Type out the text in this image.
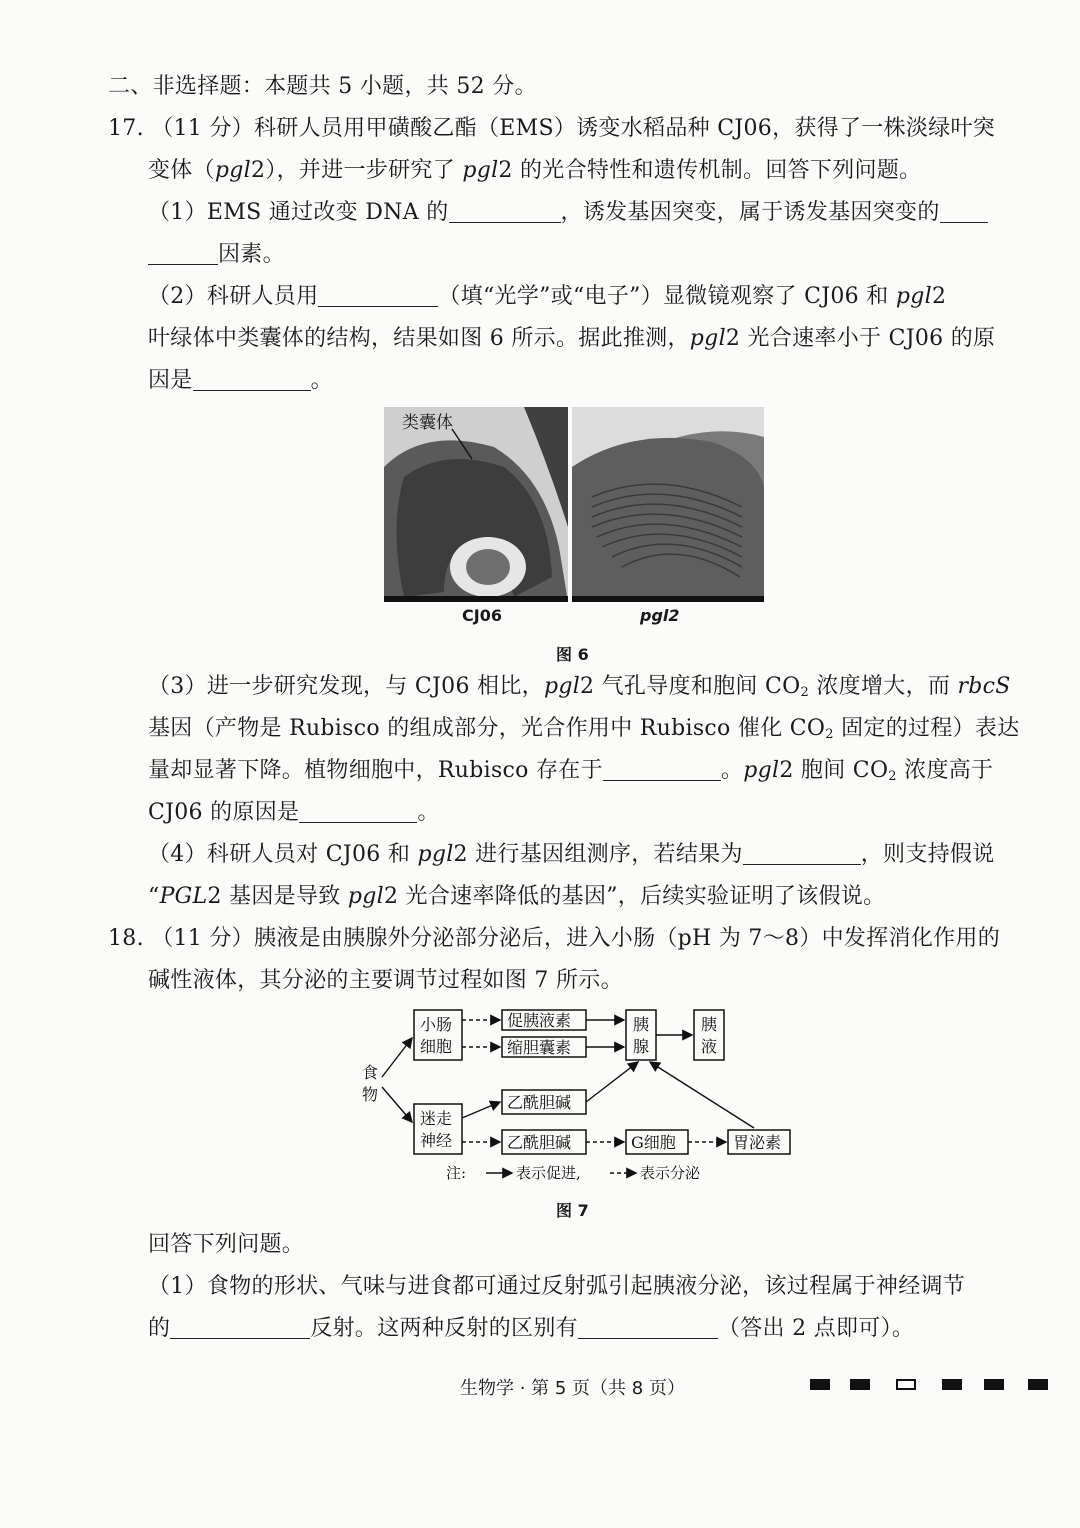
二、非选择题：本题共 5 小题，共 52 分。
17. （11 分）科研人员用甲磺酸乙酯（EMS）诱变水稻品种 CJ06，获得了一株淡绿叶突
变体（pgl2），并进一步研究了 pgl2 的光合特性和遗传机制。回答下列问题。
（1）EMS 通过改变 DNA 的	，诱发基因突变，属于诱发基因突变的
因素。
（2）科研人员用	（填“光学”或“电子”）显微镜观察了 CJ06 和 pgl2
叶绿体中类囊体的结构，结果如图 6 所示。据此推测，pgl2 光合速率小于 CJ06 的原
因是	。
类囊体
CJ06	pgl2
图 6
（3）进一步研究发现，与 CJ06 相比，pgl2 气孔导度和胞间 $CO_2$ 浓度增大，而 rbcS
基因（产物是 Rubisco 的组成部分，光合作用中 Rubisco 催化 $CO_2$ 固定的过程）表达
量却显著下降。植物细胞中，Rubisco 存在于	。pgl2 胞间 $CO_2$ 浓度高于
CJ06 的原因是	。
（4）科研人员对 CJ06 和 pgl2 进行基因组测序，若结果为	，则支持假说
“PGL2 基因是导致 pgl2 光合速率降低的基因”，后续实验证明了该假说。
18. （11 分）胰液是由胰腺外分泌部分泌后，进入小肠（pH 为 7～8）中发挥消化作用的
碱性液体，其分泌的主要调节过程如图 7 所示。
小肠
细胞
促胰液素
缩胆囊素
胰
腺
胰
液
迷走
神经
乙酰胆碱
乙酰胆碱	G细胞	胃泌素
食
物
注:	表示促进,	表示分泌
图 7
回答下列问题。
（1）食物的形状、气味与进食都可通过反射弧引起胰液分泌，该过程属于神经调节
的	反射。这两种反射的区别有	（答出 2 点即可）。
生物学 · 第 5 页（共 8 页）
